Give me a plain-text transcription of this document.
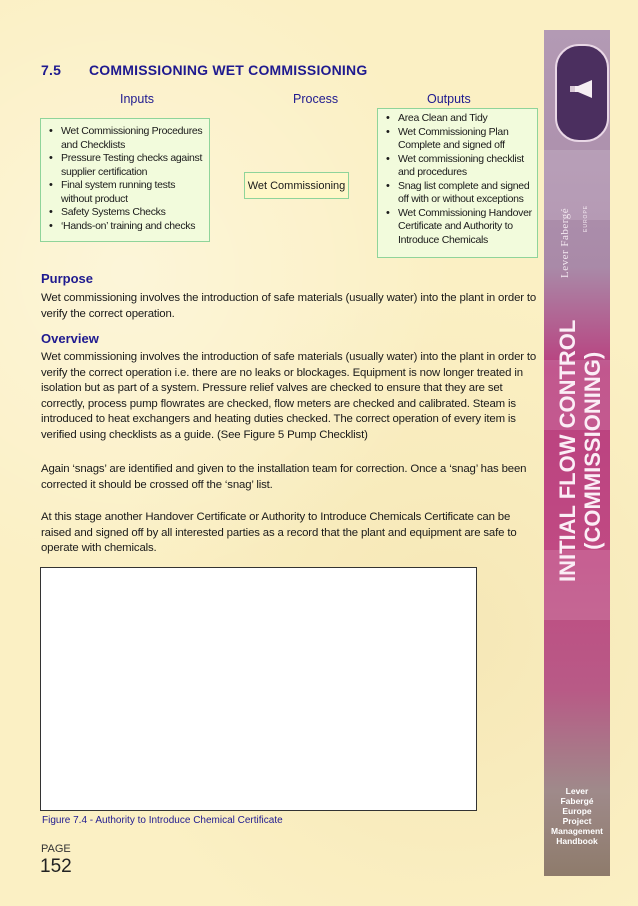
7.5 COMMISSIONING WET COMMISSIONING
Inputs	Process	Outputs
• Wet Commissioning Procedures and Checklists
• Pressure Testing checks against supplier certification
• Final system running tests without product
• Safety Systems Checks
• ‘Hands-on’ training and checks
Wet Commissioning
• Area Clean and Tidy
• Wet Commissioning Plan Complete and signed off
• Wet commissioning checklist and procedures
• Snag list complete and signed off with or without exceptions
• Wet Commissioning Handover Certificate and Authority to Introduce Chemicals
Purpose
Wet commissioning involves the introduction of safe materials (usually water) into the plant in order to verify the correct operation.
Overview
Wet commissioning involves the introduction of safe materials (usually water) into the plant in order to verify the correct operation i.e. there are no leaks or blockages. Equipment is now longer treated in isolation but as part of a system. Pressure relief valves are checked to ensure that they are set correctly, process pump flowrates are checked, flow meters are checked and calibrated. Steam is introduced to heat exchangers and heating duties checked. The correct operation of every item is verified using checklists as a guide. (See Figure 5 Pump Checklist)
Again ‘snags’ are identified and given to the installation team for correction. Once a ‘snag’ has been corrected it should be crossed off the ‘snag’ list.
At this stage another Handover Certificate or Authority to Introduce Chemicals Certificate can be raised and signed off by all interested parties as a record that the plant and equipment are safe to operate with chemicals.
Figure 7.4 - Authority to Introduce Chemical Certificate
PAGE
152
Lever Fabergé EUROPE
INITIAL FLOW CONTROL (COMMISSIONING)
Lever
Fabergé
Europe
Project
Management
Handbook
